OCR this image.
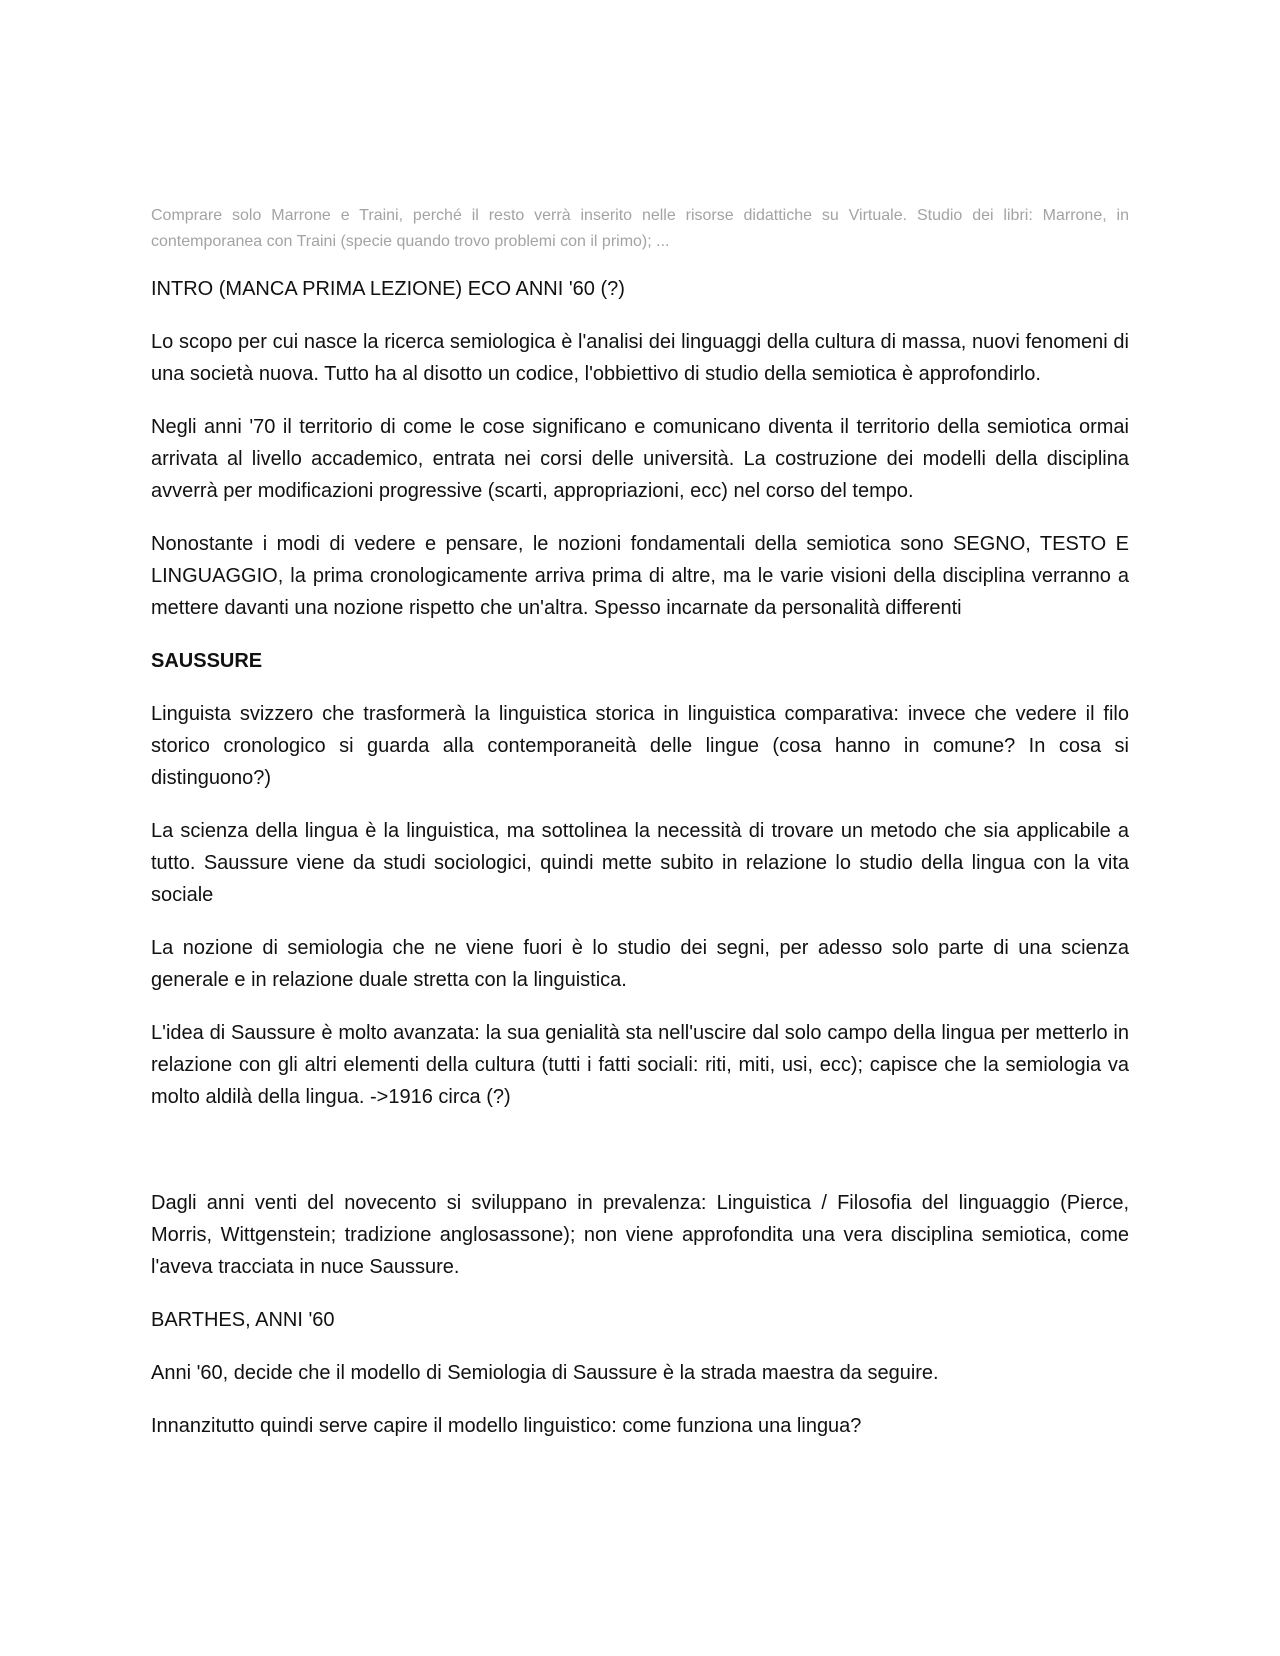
Comprare solo Marrone e Traini, perché il resto verrà inserito nelle risorse didattiche su Virtuale. Studio dei libri: Marrone, in contemporanea con Traini (specie quando trovo problemi con il primo); ...

INTRO (MANCA PRIMA LEZIONE) ECO ANNI '60 (?)

Lo scopo per cui nasce la ricerca semiologica è l'analisi dei linguaggi della cultura di massa, nuovi fenomeni di una società nuova. Tutto ha al disotto un codice, l'obbiettivo di studio della semiotica è approfondirlo.

Negli anni '70 il territorio di come le cose significano e comunicano diventa il territorio della semiotica ormai arrivata al livello accademico, entrata nei corsi delle università. La costruzione dei modelli della disciplina avverrà per modificazioni progressive (scarti, appropriazioni, ecc) nel corso del tempo.

Nonostante i modi di vedere e pensare, le nozioni fondamentali della semiotica sono SEGNO, TESTO E LINGUAGGIO, la prima cronologicamente arriva prima di altre, ma le varie visioni della disciplina verranno a mettere davanti una nozione rispetto che un'altra. Spesso incarnate da personalità differenti

SAUSSURE

Linguista svizzero che trasformerà la linguistica storica in linguistica comparativa: invece che vedere il filo storico cronologico si guarda alla contemporaneità delle lingue (cosa hanno in comune? In cosa si distinguono?)

La scienza della lingua è la linguistica, ma sottolinea la necessità di trovare un metodo che sia applicabile a tutto. Saussure viene da studi sociologici, quindi mette subito in relazione lo studio della lingua con la vita sociale

La nozione di semiologia che ne viene fuori è lo studio dei segni, per adesso solo parte di una scienza generale e in relazione duale stretta con la linguistica.

L'idea di Saussure è molto avanzata: la sua genialità sta nell'uscire dal solo campo della lingua per metterlo in relazione con gli altri elementi della cultura (tutti i fatti sociali: riti, miti, usi, ecc); capisce che la semiologia va molto aldilà della lingua. ->1916 circa (?)

Dagli anni venti del novecento si sviluppano in prevalenza: Linguistica / Filosofia del linguaggio (Pierce, Morris, Wittgenstein; tradizione anglosassone); non viene approfondita una vera disciplina semiotica, come l'aveva tracciata in nuce Saussure.

BARTHES, ANNI '60

Anni '60, decide che il modello di Semiologia di Saussure è la strada maestra da seguire.

Innanzitutto quindi serve capire il modello linguistico: come funziona una lingua?
